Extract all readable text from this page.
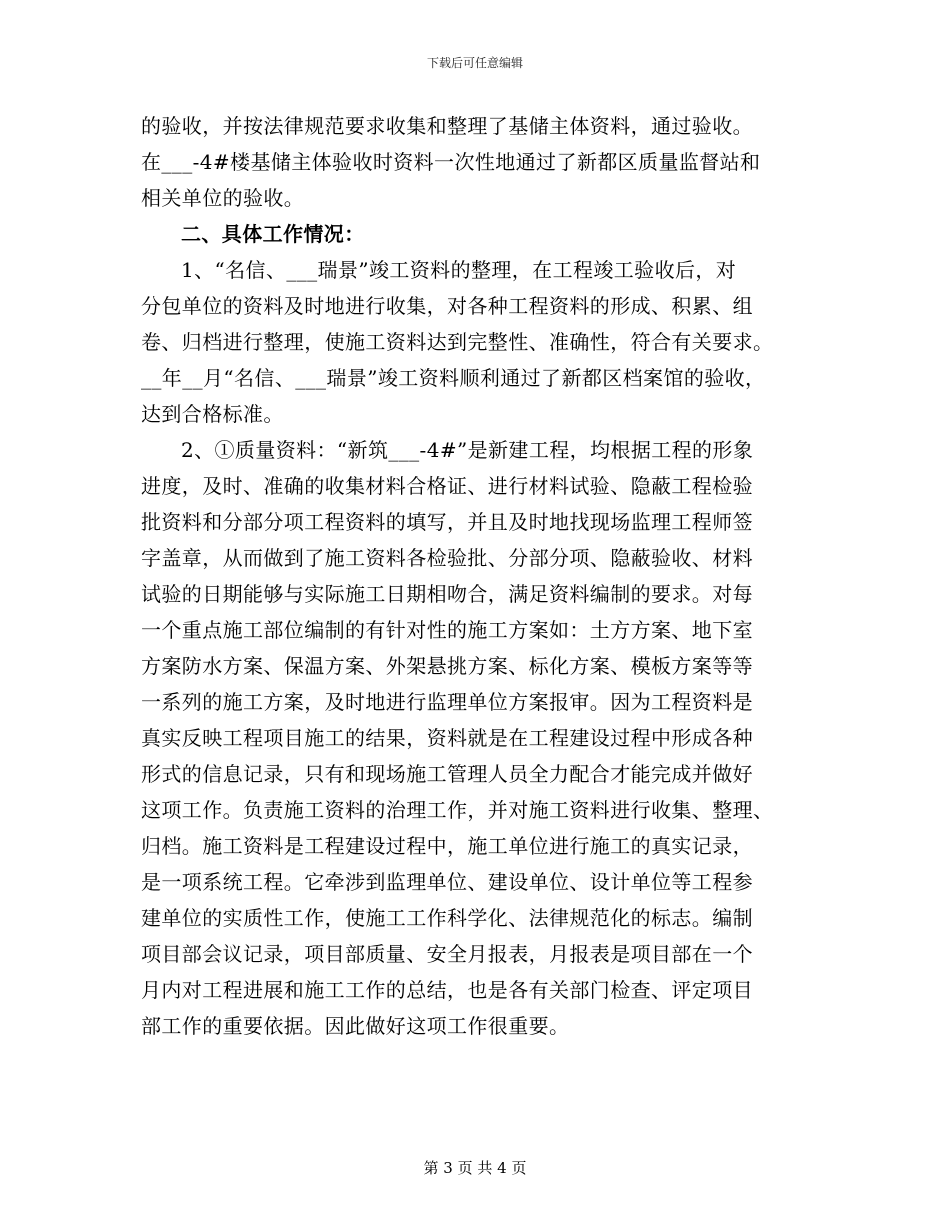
下载后可任意编辑
的验收，并按法律规范要求收集和整理了基储主体资料，通过验收。
在___-4#楼基储主体验收时资料一次性地通过了新都区质量监督站和
相关单位的验收。
二、具体工作情况：
1、“名信、___瑞景”竣工资料的整理，在工程竣工验收后，对
分包单位的资料及时地进行收集，对各种工程资料的形成、积累、组
卷、归档进行整理，使施工资料达到完整性、准确性，符合有关要求。
__年__月“名信、___瑞景”竣工资料顺利通过了新都区档案馆的验收，
达到合格标准。
2、①质量资料：“新筑___-4#”是新建工程，均根据工程的形象
进度，及时、准确的收集材料合格证、进行材料试验、隐蔽工程检验
批资料和分部分项工程资料的填写，并且及时地找现场监理工程师签
字盖章，从而做到了施工资料各检验批、分部分项、隐蔽验收、材料
试验的日期能够与实际施工日期相吻合，满足资料编制的要求。对每
一个重点施工部位编制的有针对性的施工方案如：土方方案、地下室
方案防水方案、保温方案、外架悬挑方案、标化方案、模板方案等等
一系列的施工方案，及时地进行监理单位方案报审。因为工程资料是
真实反映工程项目施工的结果，资料就是在工程建设过程中形成各种
形式的信息记录，只有和现场施工管理人员全力配合才能完成并做好
这项工作。负责施工资料的治理工作，并对施工资料进行收集、整理、
归档。施工资料是工程建设过程中，施工单位进行施工的真实记录，
是一项系统工程。它牵涉到监理单位、建设单位、设计单位等工程参
建单位的实质性工作，使施工工作科学化、法律规范化的标志。编制
项目部会议记录，项目部质量、安全月报表，月报表是项目部在一个
月内对工程进展和施工工作的总结，也是各有关部门检查、评定项目
部工作的重要依据。因此做好这项工作很重要。
第 3 页 共 4 页
